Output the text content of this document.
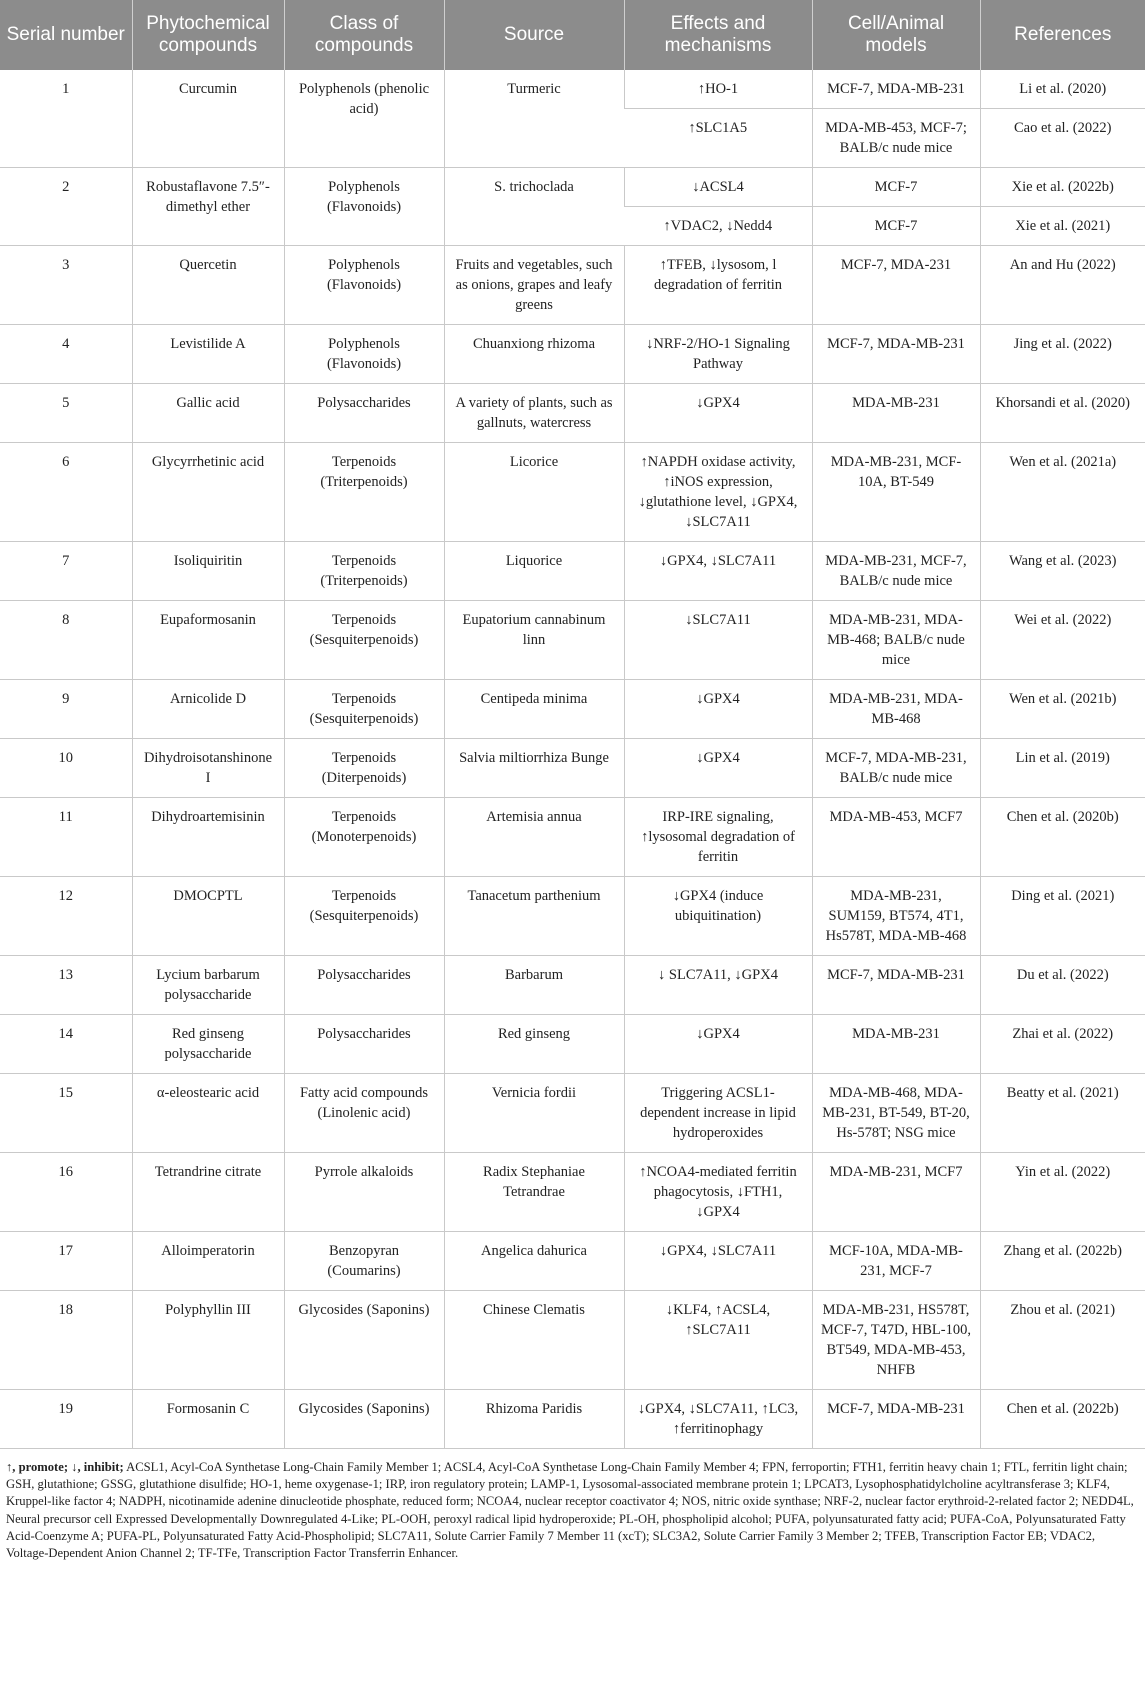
Serial number	Phytochemical compounds	Class of compounds	Source	Effects and mechanisms	Cell/Animal models	References
1	Curcumin	Polyphenols (phenolic acid)	Turmeric	↑HO-1	MCF-7, MDA-MB-231	Li et al. (2020)
				↑SLC1A5	MDA-MB-453, MCF-7; BALB/c nude mice	Cao et al. (2022)
2	Robustaflavone 7.5″-dimethyl ether	Polyphenols (Flavonoids)	S. trichoclada	↓ACSL4	MCF-7	Xie et al. (2022b)
				↑VDAC2, ↓Nedd4	MCF-7	Xie et al. (2021)
3	Quercetin	Polyphenols (Flavonoids)	Fruits and vegetables, such as onions, grapes and leafy greens	↑TFEB, ↓lysosom, l degradation of ferritin	MCF-7, MDA-231	An and Hu (2022)
4	Levistilide A	Polyphenols (Flavonoids)	Chuanxiong rhizoma	↓NRF-2/HO-1 Signaling Pathway	MCF-7, MDA-MB-231	Jing et al. (2022)
5	Gallic acid	Polysaccharides	A variety of plants, such as gallnuts, watercress	↓GPX4	MDA-MB-231	Khorsandi et al. (2020)
6	Glycyrrhetinic acid	Terpenoids (Triterpenoids)	Licorice	↑NAPDH oxidase activity, ↑iNOS expression, ↓glutathione level, ↓GPX4, ↓SLC7A11	MDA-MB-231, MCF-10A, BT-549	Wen et al. (2021a)
7	Isoliquiritin	Terpenoids (Triterpenoids)	Liquorice	↓GPX4, ↓SLC7A11	MDA-MB-231, MCF-7, BALB/c nude mice	Wang et al. (2023)
8	Eupaformosanin	Terpenoids (Sesquiterpenoids)	Eupatorium cannabinum linn	↓SLC7A11	MDA-MB-231, MDA-MB-468; BALB/c nude mice	Wei et al. (2022)
9	Arnicolide D	Terpenoids (Sesquiterpenoids)	Centipeda minima	↓GPX4	MDA-MB-231, MDA-MB-468	Wen et al. (2021b)
10	Dihydroisotanshinone I	Terpenoids (Diterpenoids)	Salvia miltiorrhiza Bunge	↓GPX4	MCF-7, MDA-MB-231, BALB/c nude mice	Lin et al. (2019)
11	Dihydroartemisinin	Terpenoids (Monoterpenoids)	Artemisia annua	IRP-IRE signaling, ↑lysosomal degradation of ferritin	MDA-MB-453, MCF7	Chen et al. (2020b)
12	DMOCPTL	Terpenoids (Sesquiterpenoids)	Tanacetum parthenium	↓GPX4 (induce ubiquitination)	MDA-MB-231, SUM159, BT574, 4T1, Hs578T, MDA-MB-468	Ding et al. (2021)
13	Lycium barbarum polysaccharide	Polysaccharides	Barbarum	↓ SLC7A11, ↓GPX4	MCF-7, MDA-MB-231	Du et al. (2022)
14	Red ginseng polysaccharide	Polysaccharides	Red ginseng	↓GPX4	MDA-MB-231	Zhai et al. (2022)
15	α-eleostearic acid	Fatty acid compounds (Linolenic acid)	Vernicia fordii	Triggering ACSL1-dependent increase in lipid hydroperoxides	MDA-MB-468, MDA-MB-231, BT-549, BT-20, Hs-578T; NSG mice	Beatty et al. (2021)
16	Tetrandrine citrate	Pyrrole alkaloids	Radix Stephaniae Tetrandrae	↑NCOA4-mediated ferritin phagocytosis, ↓FTH1, ↓GPX4	MDA-MB-231, MCF7	Yin et al. (2022)
17	Alloimperatorin	Benzopyran (Coumarins)	Angelica dahurica	↓GPX4, ↓SLC7A11	MCF-10A, MDA-MB-231, MCF-7	Zhang et al. (2022b)
18	Polyphyllin III	Glycosides (Saponins)	Chinese Clematis	↓KLF4, ↑ACSL4, ↑SLC7A11	MDA-MB-231, HS578T, MCF-7, T47D, HBL-100, BT549, MDA-MB-453, NHFB	Zhou et al. (2021)
19	Formosanin C	Glycosides (Saponins)	Rhizoma Paridis	↓GPX4, ↓SLC7A11, ↑LC3, ↑ferritinophagy	MCF-7, MDA-MB-231	Chen et al. (2022b)
↑, promote; ↓, inhibit; ACSL1, Acyl-CoA Synthetase Long-Chain Family Member 1; ACSL4, Acyl-CoA Synthetase Long-Chain Family Member 4; FPN, ferroportin; FTH1, ferritin heavy chain 1; FTL, ferritin light chain; GSH, glutathione; GSSG, glutathione disulfide; HO-1, heme oxygenase-1; IRP, iron regulatory protein; LAMP-1, Lysosomal-associated membrane protein 1; LPCAT3, Lysophosphatidylcholine acyltransferase 3; KLF4, Kruppel-like factor 4; NADPH, nicotinamide adenine dinucleotide phosphate, reduced form; NCOA4, nuclear receptor coactivator 4; NOS, nitric oxide synthase; NRF-2, nuclear factor erythroid-2-related factor 2; NEDD4L, Neural precursor cell Expressed Developmentally Downregulated 4-Like; PL-OOH, peroxyl radical lipid hydroperoxide; PL-OH, phospholipid alcohol; PUFA, polyunsaturated fatty acid; PUFA-CoA, Polyunsaturated Fatty Acid-Coenzyme A; PUFA-PL, Polyunsaturated Fatty Acid-Phospholipid; SLC7A11, Solute Carrier Family 7 Member 11 (xcT); SLC3A2, Solute Carrier Family 3 Member 2; TFEB, Transcription Factor EB; VDAC2, Voltage-Dependent Anion Channel 2; TF-TFe, Transcription Factor Transferrin Enhancer.
